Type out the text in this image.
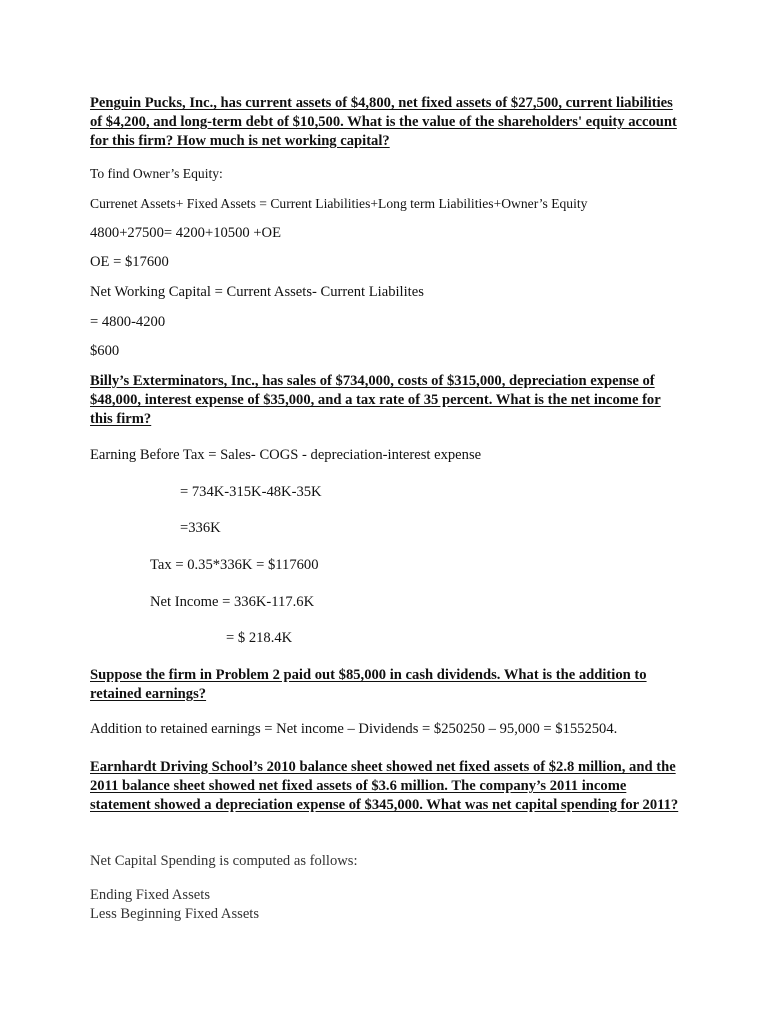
Penguin Pucks, Inc., has current assets of $4,800, net fixed assets of $27,500, current liabilities of $4,200, and long-term debt of $10,500. What is the value of the shareholders' equity account for this firm? How much is net working capital?

To find Owner’s Equity:

Currenet Assets+ Fixed Assets = Current Liabilities+Long term Liabilities+Owner’s Equity

4800+27500= 4200+10500 +OE

OE = $17600

Net Working Capital = Current Assets- Current Liabilites

= 4800-4200

$600

Billy’s Exterminators, Inc., has sales of $734,000, costs of $315,000, depreciation expense of $48,000, interest expense of $35,000, and a tax rate of 35 percent. What is the net income for this firm?

Earning Before Tax = Sales- COGS - depreciation-interest expense

= 734K-315K-48K-35K

=336K

Tax = 0.35*336K = $117600

Net Income = 336K-117.6K

= $ 218.4K

Suppose the firm in Problem 2 paid out $85,000 in cash dividends. What is the addition to retained earnings?

Addition to retained earnings = Net income – Dividends = $250250 – 95,000 = $1552504.

Earnhardt Driving School’s 2010 balance sheet showed net fixed assets of $2.8 million, and the 2011 balance sheet showed net fixed assets of $3.6 million. The company’s 2011 income statement showed a depreciation expense of $345,000. What was net capital spending for 2011?

Net Capital Spending is computed as follows:

Ending Fixed Assets

Less Beginning Fixed Assets
